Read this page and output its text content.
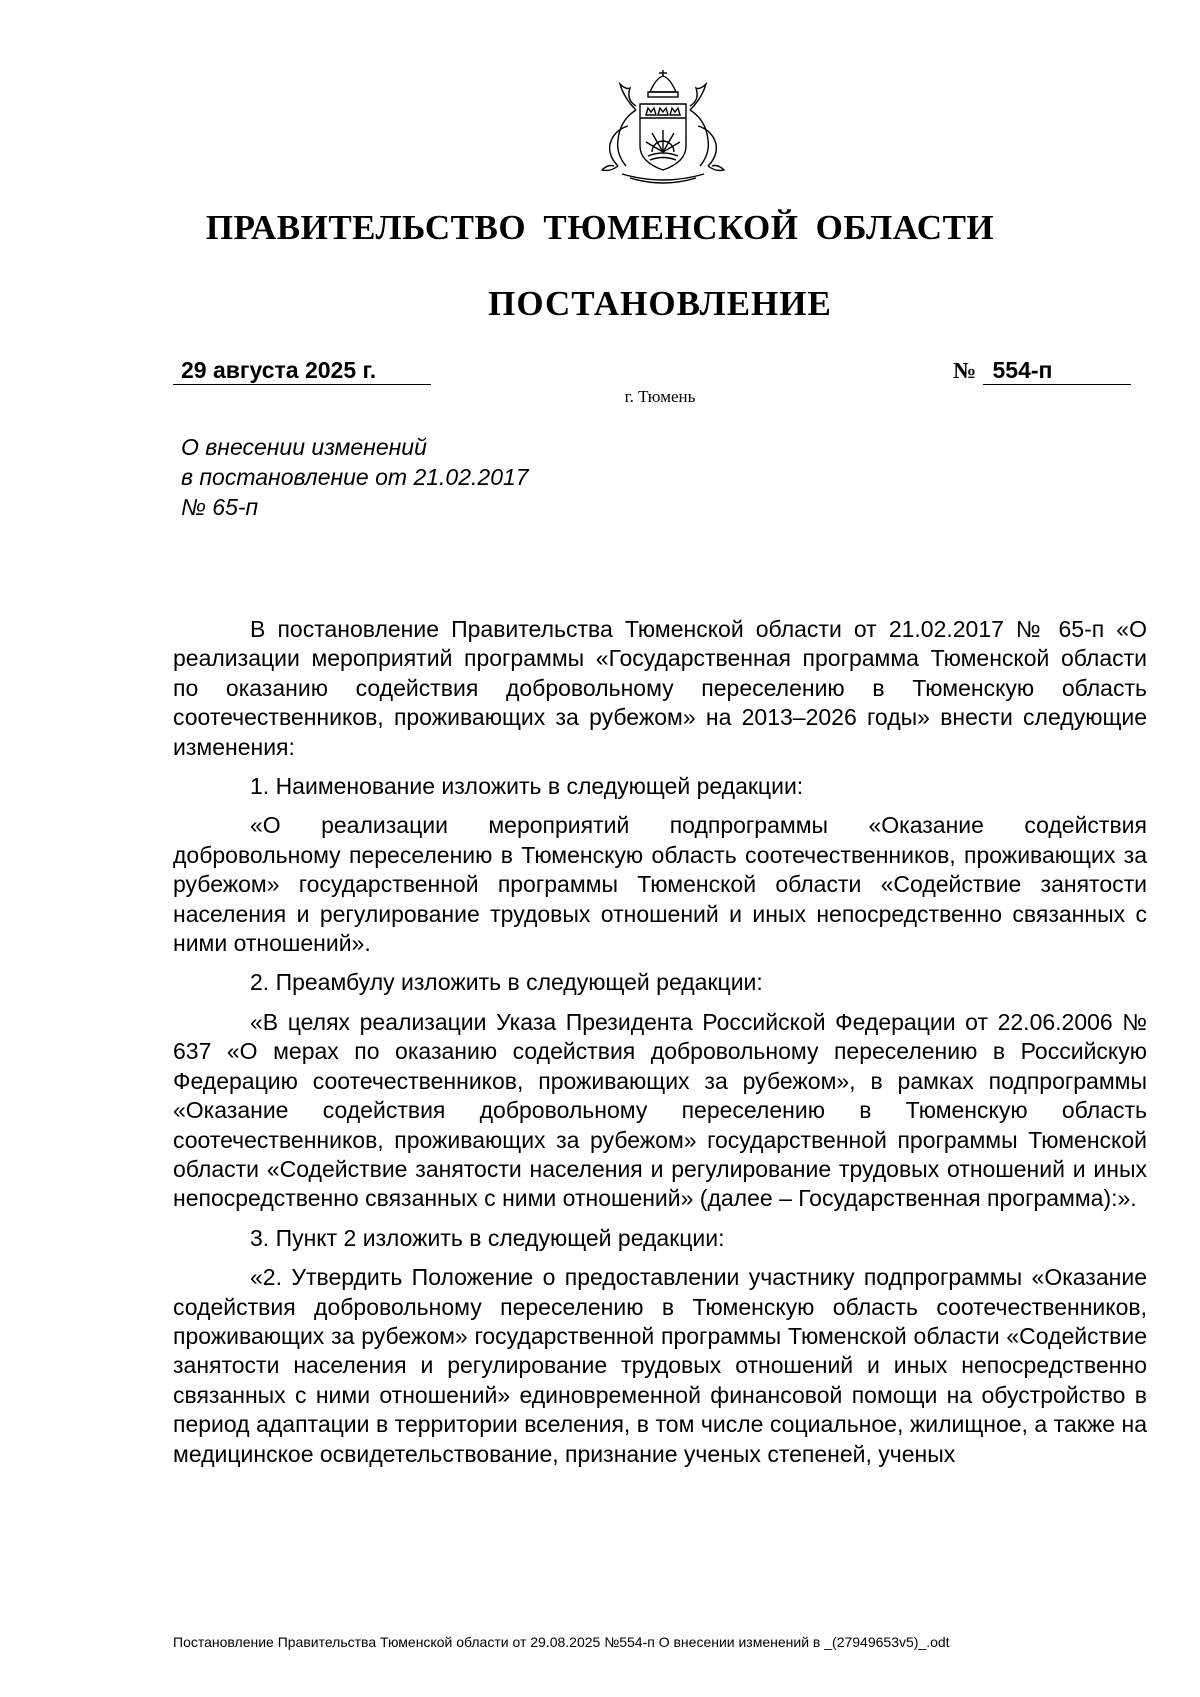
ПРАВИТЕЛЬСТВО ТЮМЕНСКОЙ ОБЛАСТИ
ПОСТАНОВЛЕНИЕ
29 августа 2025 г.	№ 554-п
г. Тюмень
О внесении изменений
в постановление от 21.02.2017
№ 65-п

В постановление Правительства Тюменской области от 21.02.2017 № 65-п «О реализации мероприятий программы «Государственная программа Тюменской области по оказанию содействия добровольному переселению в Тюменскую область соотечественников, проживающих за рубежом» на 2013–2026 годы» внести следующие изменения:

1. Наименование изложить в следующей редакции:

«О реализации мероприятий подпрограммы «Оказание содействия добровольному переселению в Тюменскую область соотечественников, проживающих за рубежом» государственной программы Тюменской области «Содействие занятости населения и регулирование трудовых отношений и иных непосредственно связанных с ними отношений».

2. Преамбулу изложить в следующей редакции:

«В целях реализации Указа Президента Российской Федерации от 22.06.2006 № 637 «О мерах по оказанию содействия добровольному переселению в Российскую Федерацию соотечественников, проживающих за рубежом», в рамках подпрограммы «Оказание содействия добровольному переселению в Тюменскую область соотечественников, проживающих за рубежом» государственной программы Тюменской области «Содействие занятости населения и регулирование трудовых отношений и иных непосредственно связанных с ними отношений» (далее – Государственная программа):».

3. Пункт 2 изложить в следующей редакции:

«2. Утвердить Положение о предоставлении участнику подпрограммы «Оказание содействия добровольному переселению в Тюменскую область соотечественников, проживающих за рубежом» государственной программы Тюменской области «Содействие занятости населения и регулирование трудовых отношений и иных непосредственно связанных с ними отношений» единовременной финансовой помощи на обустройство в период адаптации в территории вселения, в том числе социальное, жилищное, а также на медицинское освидетельствование, признание ученых степеней, ученых

Постановление Правительства Тюменской области от 29.08.2025 №554-п О внесении изменений в _(27949653v5)_.odt
